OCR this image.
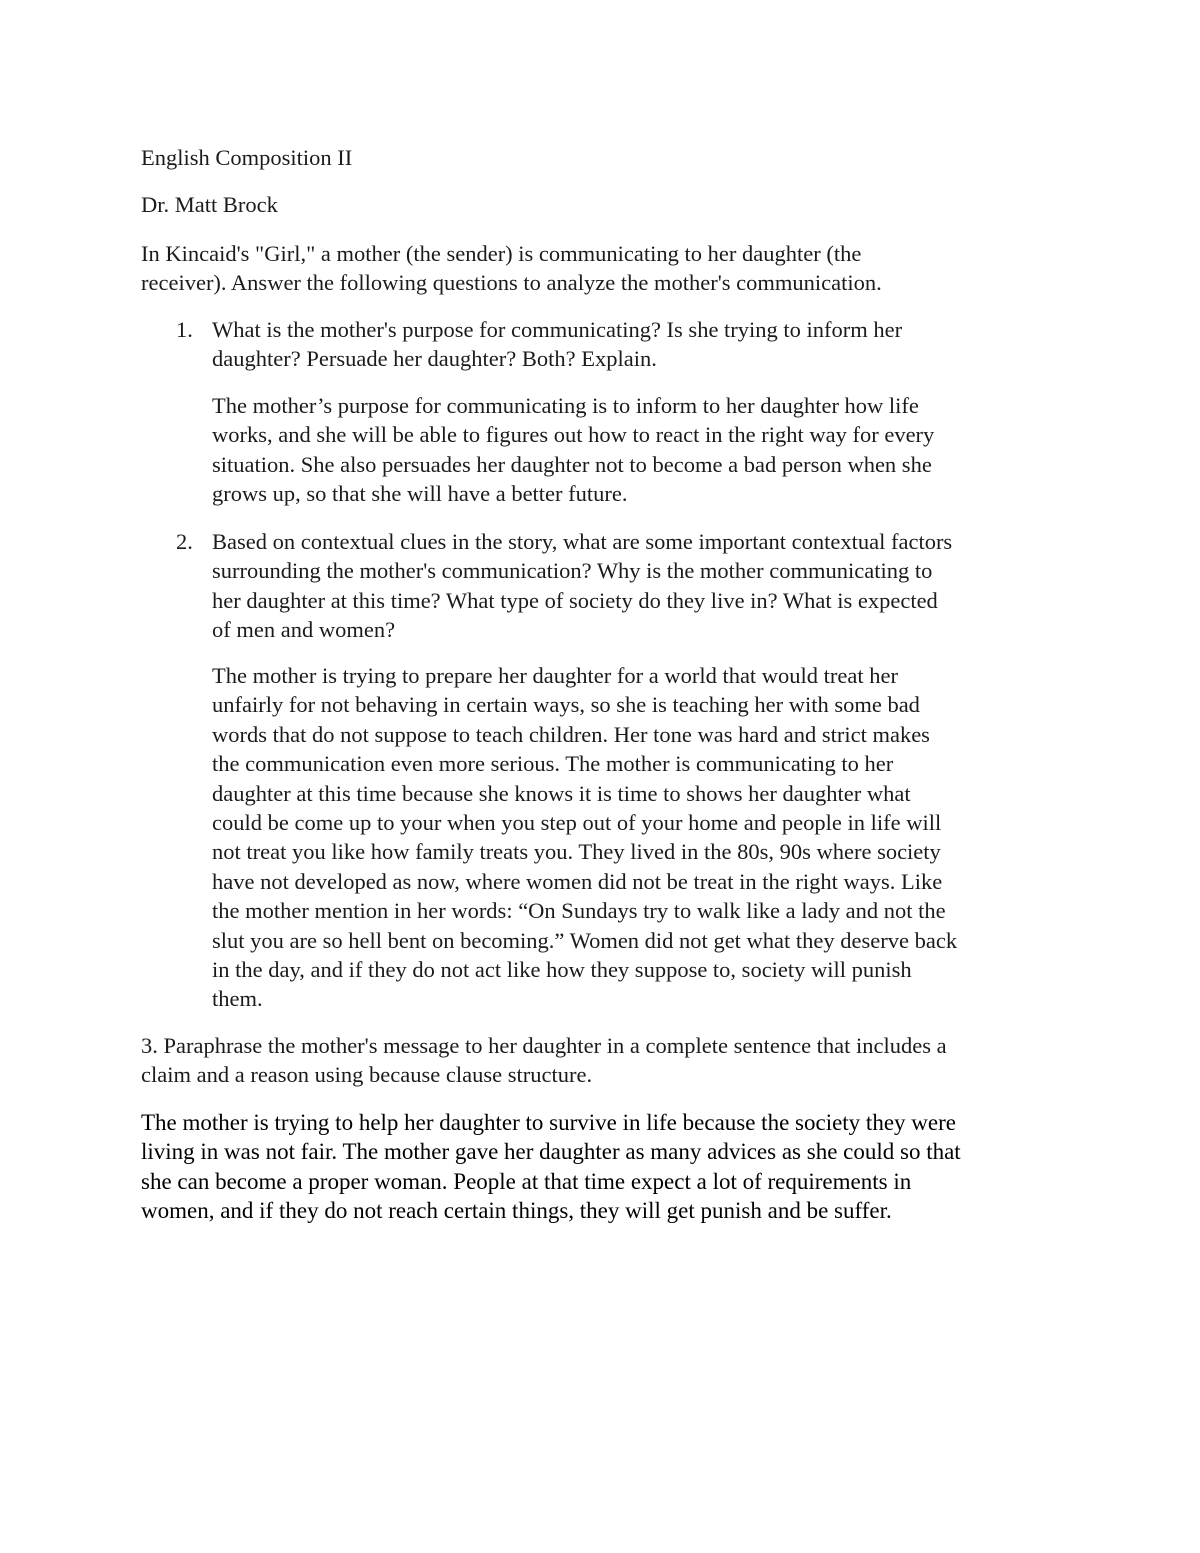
English Composition II

Dr. Matt Brock

In Kincaid's "Girl," a mother (the sender) is communicating to her daughter (the
receiver). Answer the following questions to analyze the mother's communication.

1. What is the mother's purpose for communicating? Is she trying to inform her
daughter? Persuade her daughter? Both? Explain.
The mother’s purpose for communicating is to inform to her daughter how life
works, and she will be able to figures out how to react in the right way for every
situation. She also persuades her daughter not to become a bad person when she
grows up, so that she will have a better future.

2. Based on contextual clues in the story, what are some important contextual factors
surrounding the mother's communication? Why is the mother communicating to
her daughter at this time? What type of society do they live in? What is expected
of men and women?
The mother is trying to prepare her daughter for a world that would treat her
unfairly for not behaving in certain ways, so she is teaching her with some bad
words that do not suppose to teach children. Her tone was hard and strict makes
the communication even more serious. The mother is communicating to her
daughter at this time because she knows it is time to shows her daughter what
could be come up to your when you step out of your home and people in life will
not treat you like how family treats you. They lived in the 80s, 90s where society
have not developed as now, where women did not be treat in the right ways. Like
the mother mention in her words: “On Sundays try to walk like a lady and not the
slut you are so hell bent on becoming.” Women did not get what they deserve back
in the day, and if they do not act like how they suppose to, society will punish
them.
3. Paraphrase the mother's message to her daughter in a complete sentence that includes a
claim and a reason using because clause structure.
The mother is trying to help her daughter to survive in life because the society they were
living in was not fair. The mother gave her daughter as many advices as she could so that
she can become a proper woman. People at that time expect a lot of requirements in
women, and if they do not reach certain things, they will get punish and be suffer.
